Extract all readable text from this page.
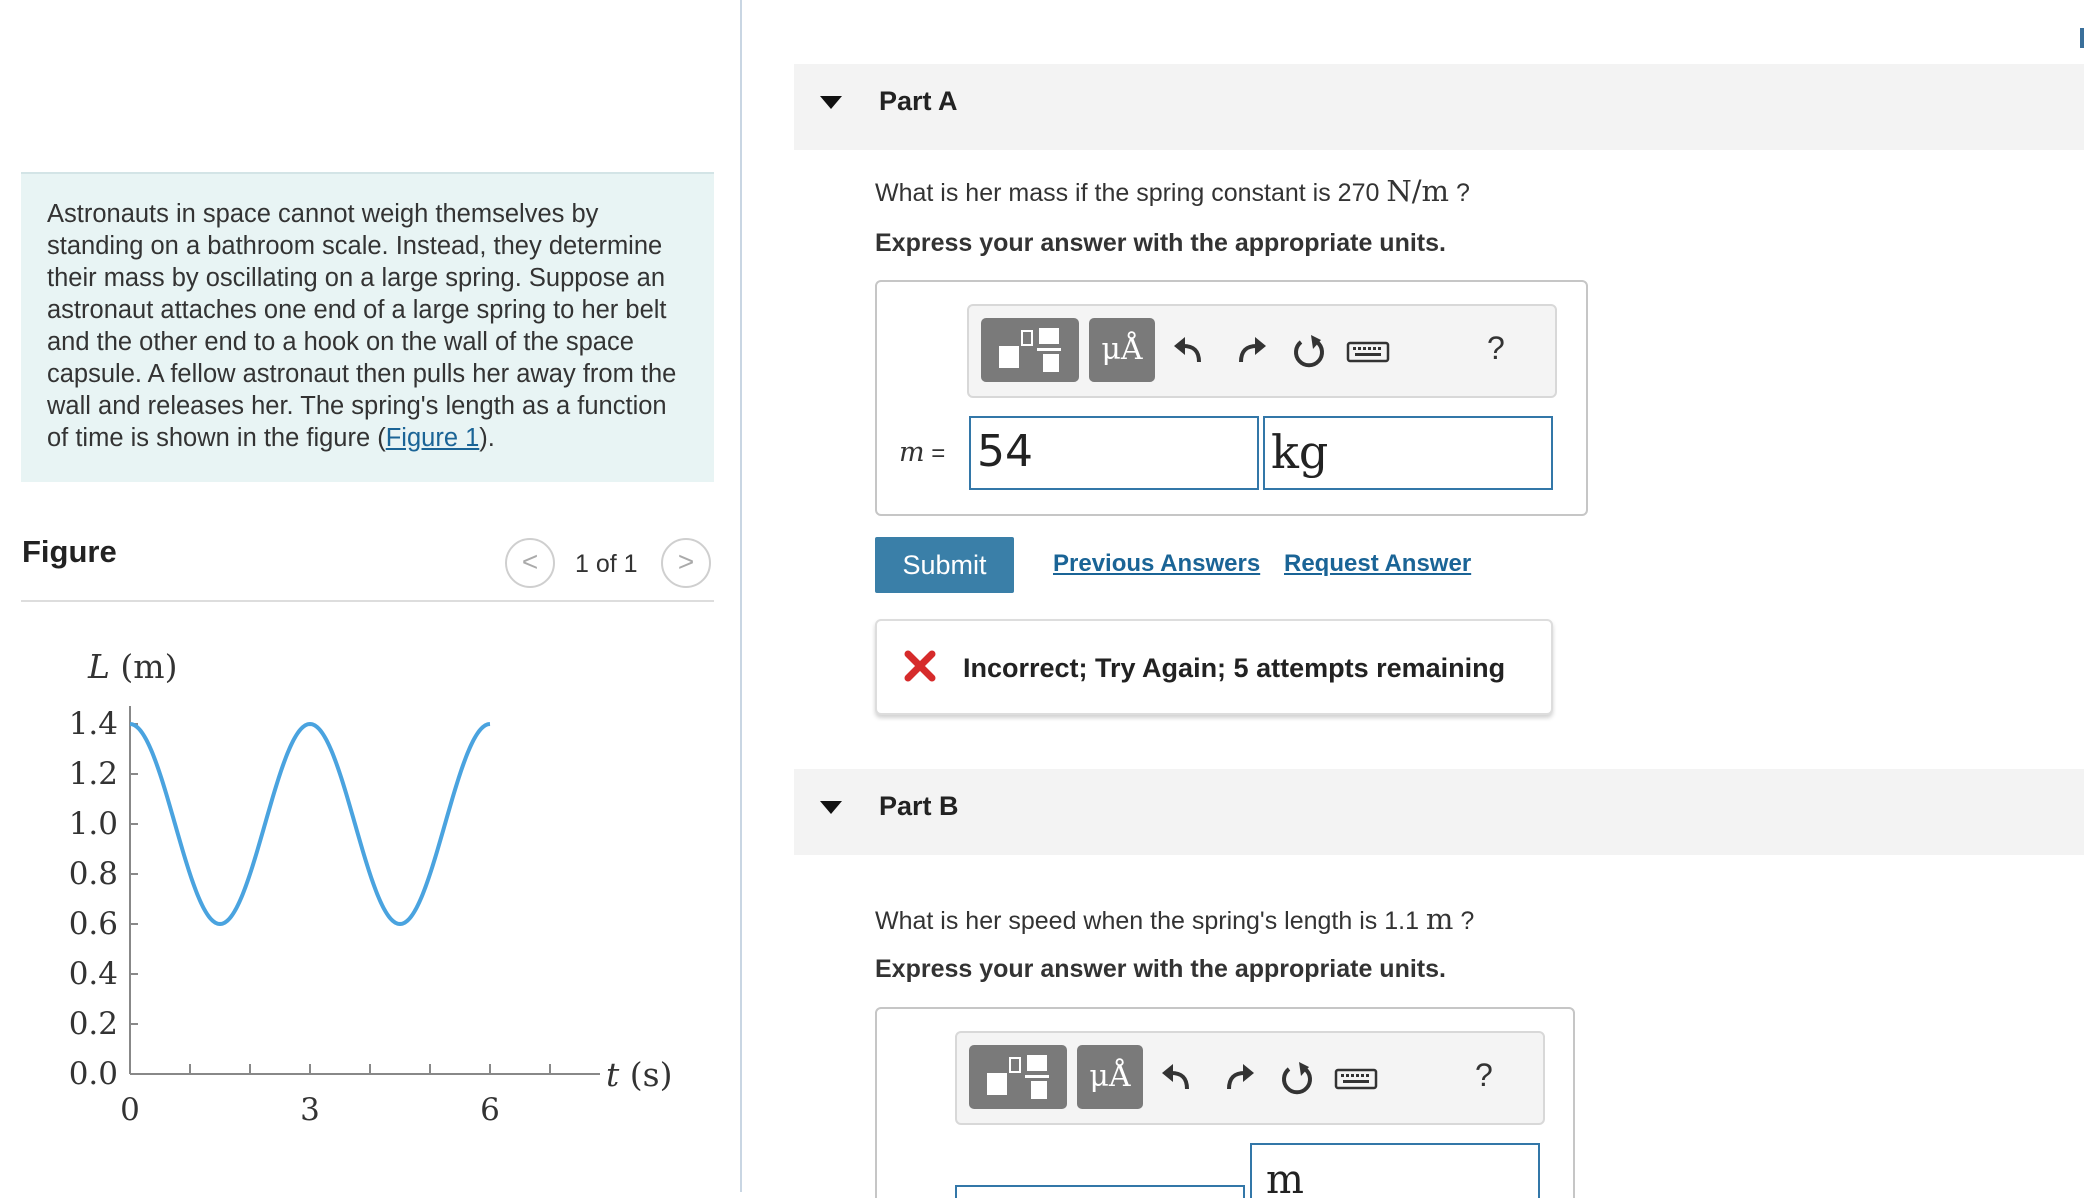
Astronauts in space cannot weigh themselves by standing on a bathroom scale. Instead, they determine their mass by oscillating on a large spring. Suppose an astronaut attaches one end of a large spring to her belt and the other end to a hook on the wall of the space capsule. A fellow astronaut then pulls her away from the wall and releases her. The spring's length as a function of time is shown in the figure (Figure 1).
Figure	<	1 of 1	>
0.0
0.2
0.4
0.6
0.8
1.0
1.2
1.4
0	3	6
L (m)
t (s)
Part A
What is her mass if the spring constant is 270 N/m ?
Express your answer with the appropriate units.
μÅ	?
m = 54	kg
Submit	Previous Answers Request Answer
Incorrect; Try Again; 5 attempts remaining
Part B
What is her speed when the spring's length is 1.1 m ?
Express your answer with the appropriate units.
μÅ	?
m
